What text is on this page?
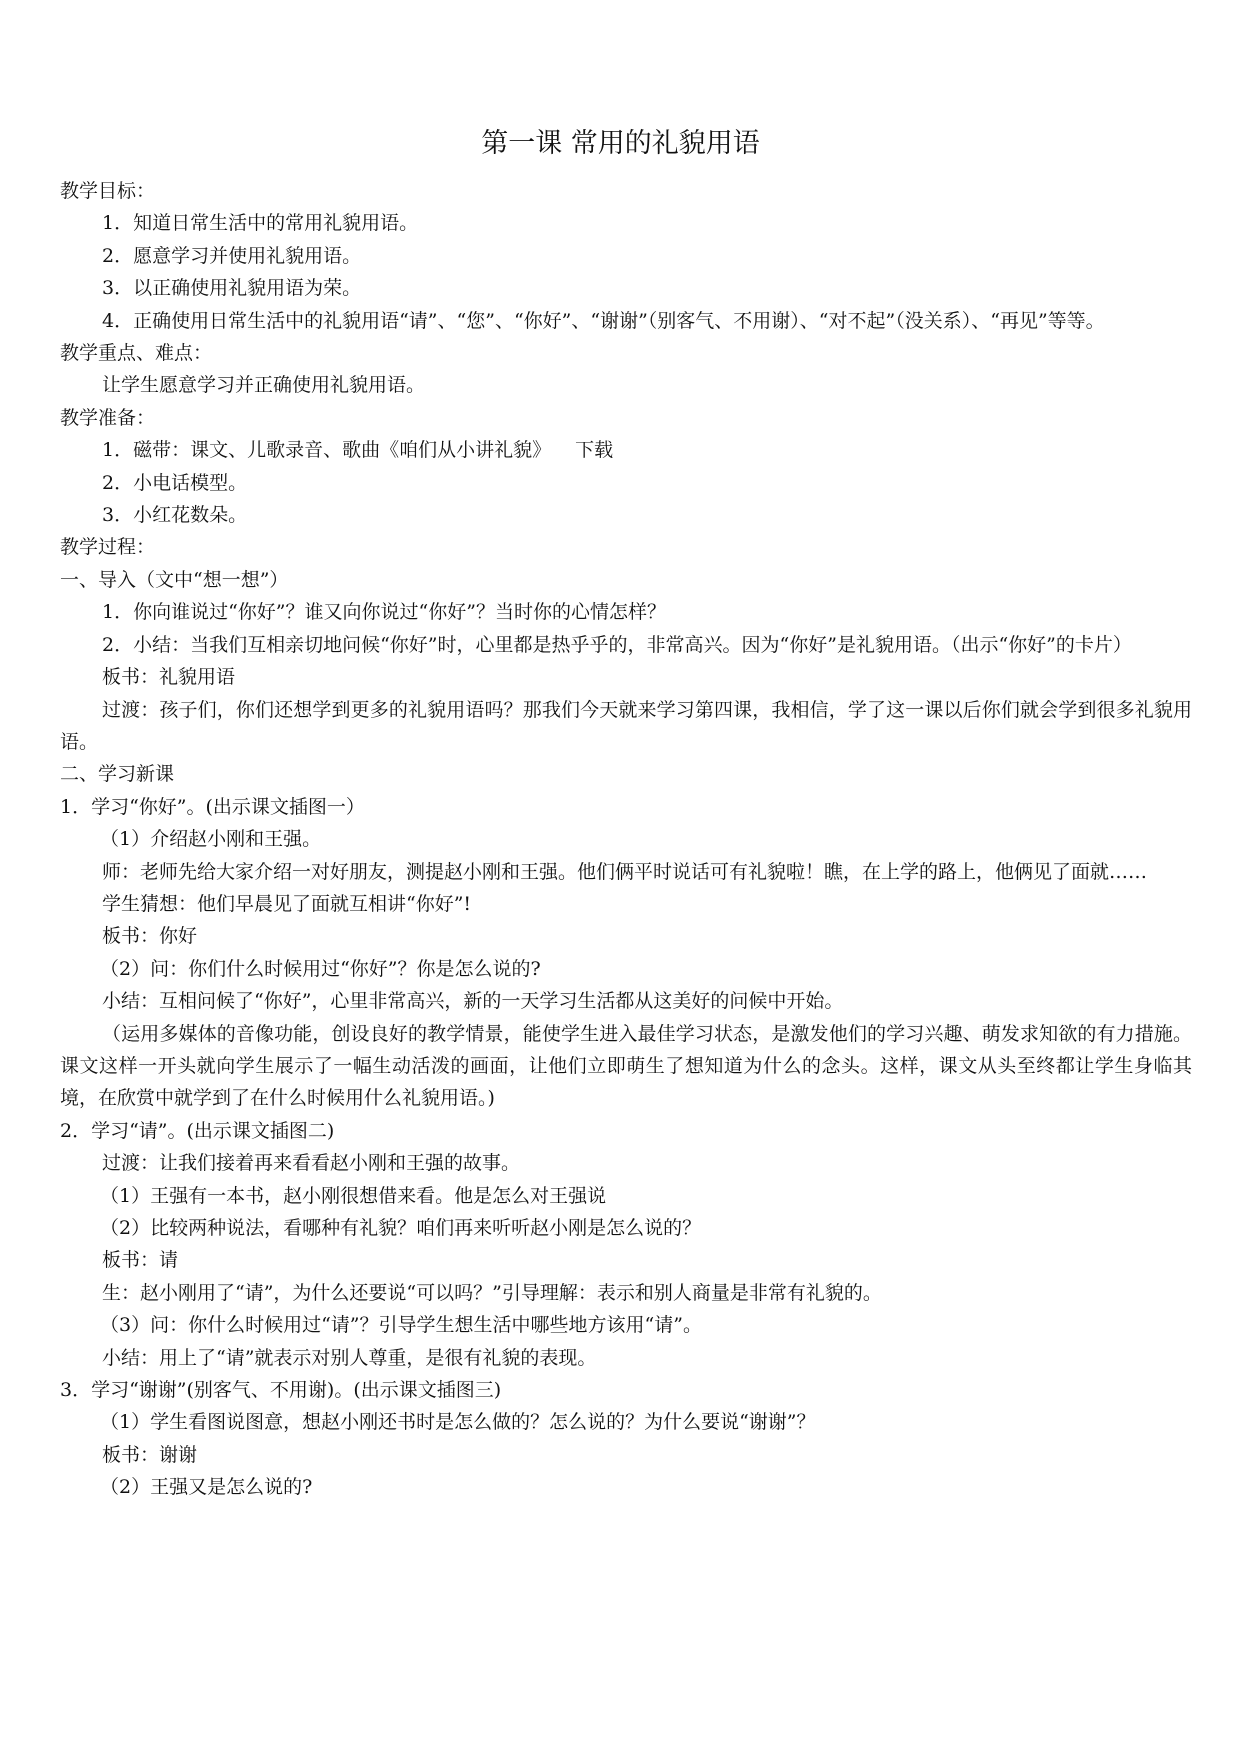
第一课 常用的礼貌用语

教学目标：

1．知道日常生活中的常用礼貌用语。

2．愿意学习并使用礼貌用语。

3．以正确使用礼貌用语为荣。

4．正确使用日常生活中的礼貌用语“请”、“您”、“你好”、“谢谢”（别客气、不用谢）、“对不起”（没关系）、“再见”等等。

教学重点、难点：

让学生愿意学习并正确使用礼貌用语。

教学准备：

1．磁带：课文、儿歌录音、歌曲《咱们从小讲礼貌》 下载

2．小电话模型。

3．小红花数朵。

教学过程：

一、导入（文中“想一想”）

1．你向谁说过“你好”？谁又向你说过“你好”？当时你的心情怎样？

2．小结：当我们互相亲切地问候“你好”时，心里都是热乎乎的，非常高兴。因为“你好”是礼貌用语。（出示“你好”的卡片）

板书：礼貌用语

过渡：孩子们，你们还想学到更多的礼貌用语吗？那我们今天就来学习第四课，我相信，学了这一课以后你们就会学到很多礼貌用语。

二、学习新课

1．学习“你好”。(出示课文插图一）

（1）介绍赵小刚和王强。

师：老师先给大家介绍一对好朋友，测提赵小刚和王强。他们俩平时说话可有礼貌啦！瞧，在上学的路上，他俩见了面就……

学生猜想：他们早晨见了面就互相讲“你好”!

板书：你好

（2）问：你们什么时候用过“你好”？你是怎么说的?

小结：互相问候了“你好”，心里非常高兴，新的一天学习生活都从这美好的问候中开始。

（运用多媒体的音像功能，创设良好的教学情景，能使学生进入最佳学习状态，是激发他们的学习兴趣、萌发求知欲的有力措施。课文这样一开头就向学生展示了一幅生动活泼的画面，让他们立即萌生了想知道为什么的念头。这样，课文从头至终都让学生身临其境，在欣赏中就学到了在什么时候用什么礼貌用语。)

2．学习“请”。(出示课文插图二)

过渡：让我们接着再来看看赵小刚和王强的故事。

（1）王强有一本书，赵小刚很想借来看。他是怎么对王强说

（2）比较两种说法，看哪种有礼貌？咱们再来听听赵小刚是怎么说的？

板书：请

生：赵小刚用了“请”，为什么还要说“可以吗？”引导理解：表示和别人商量是非常有礼貌的。

（3）问：你什么时候用过“请”？引导学生想生活中哪些地方该用“请”。

小结：用上了“请”就表示对别人尊重，是很有礼貌的表现。

3．学习“谢谢”(别客气、不用谢)。(出示课文插图三)

（1）学生看图说图意，想赵小刚还书时是怎么做的？怎么说的？为什么要说“谢谢”？

板书：谢谢

（2）王强又是怎么说的?
